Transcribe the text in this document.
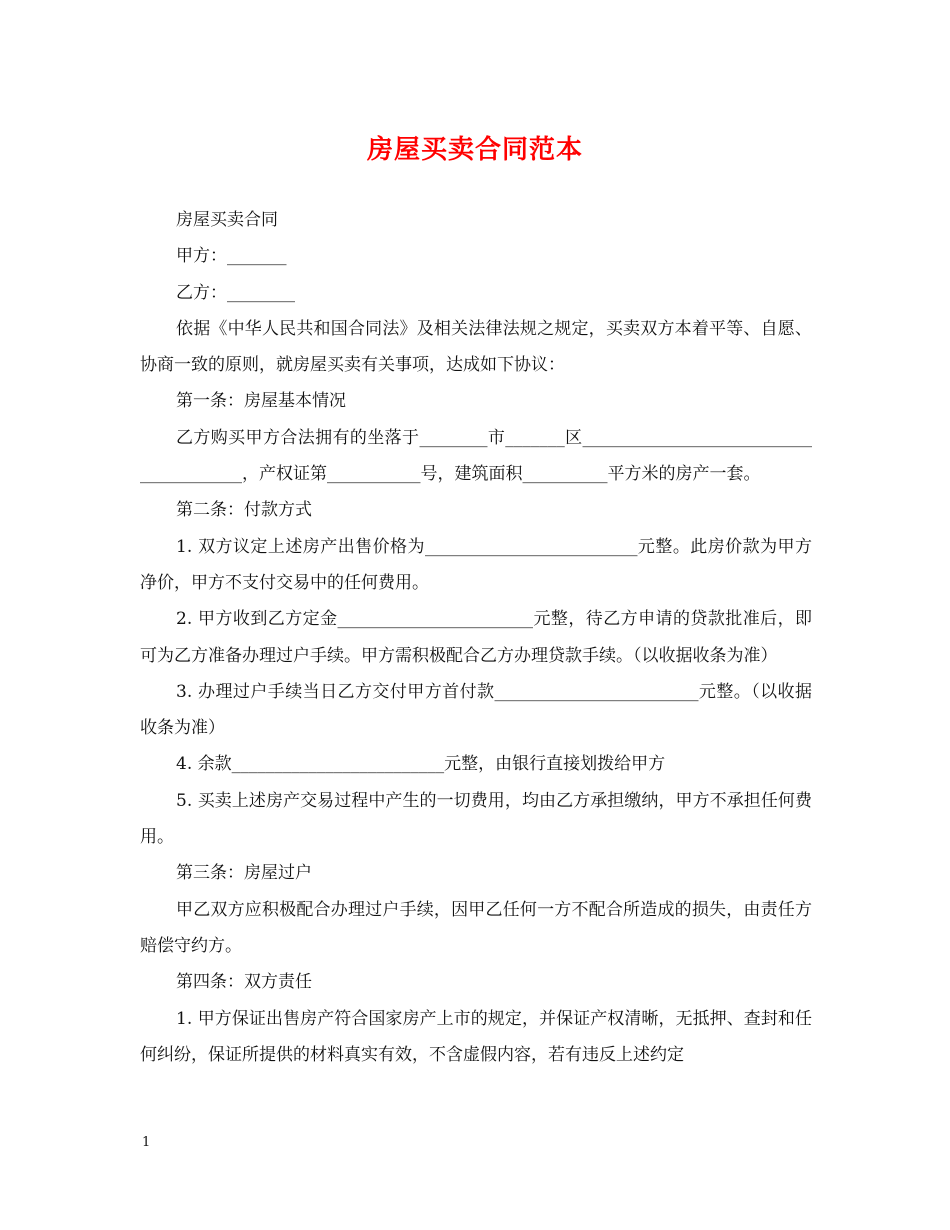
房屋买卖合同范本

房屋买卖合同

甲方：_______

乙方：________

依据《中华人民共和国合同法》及相关法律法规之规定，买卖双方本着平等、自愿、协商一致的原则，就房屋买卖有关事项，达成如下协议：

第一条：房屋基本情况

乙方购买甲方合法拥有的坐落于________市_______区_______________________________________，产权证第___________号，建筑面积__________平方米的房产一套。

第二条：付款方式

1. 双方议定上述房产出售价格为_________________________元整。此房价款为甲方净价，甲方不支付交易中的任何费用。

2. 甲方收到乙方定金_______________________元整，待乙方申请的贷款批准后，即可为乙方准备办理过户手续。甲方需积极配合乙方办理贷款手续。（以收据收条为准）

3. 办理过户手续当日乙方交付甲方首付款________________________元整。（以收据收条为准）

4. 余款_________________________元整，由银行直接划拨给甲方

5. 买卖上述房产交易过程中产生的一切费用，均由乙方承担缴纳，甲方不承担任何费用。

第三条：房屋过户

甲乙双方应积极配合办理过户手续，因甲乙任何一方不配合所造成的损失，由责任方赔偿守约方。

第四条：双方责任

1. 甲方保证出售房产符合国家房产上市的规定，并保证产权清晰，无抵押、查封和任何纠纷，保证所提供的材料真实有效，不含虚假内容，若有违反上述约定

1
